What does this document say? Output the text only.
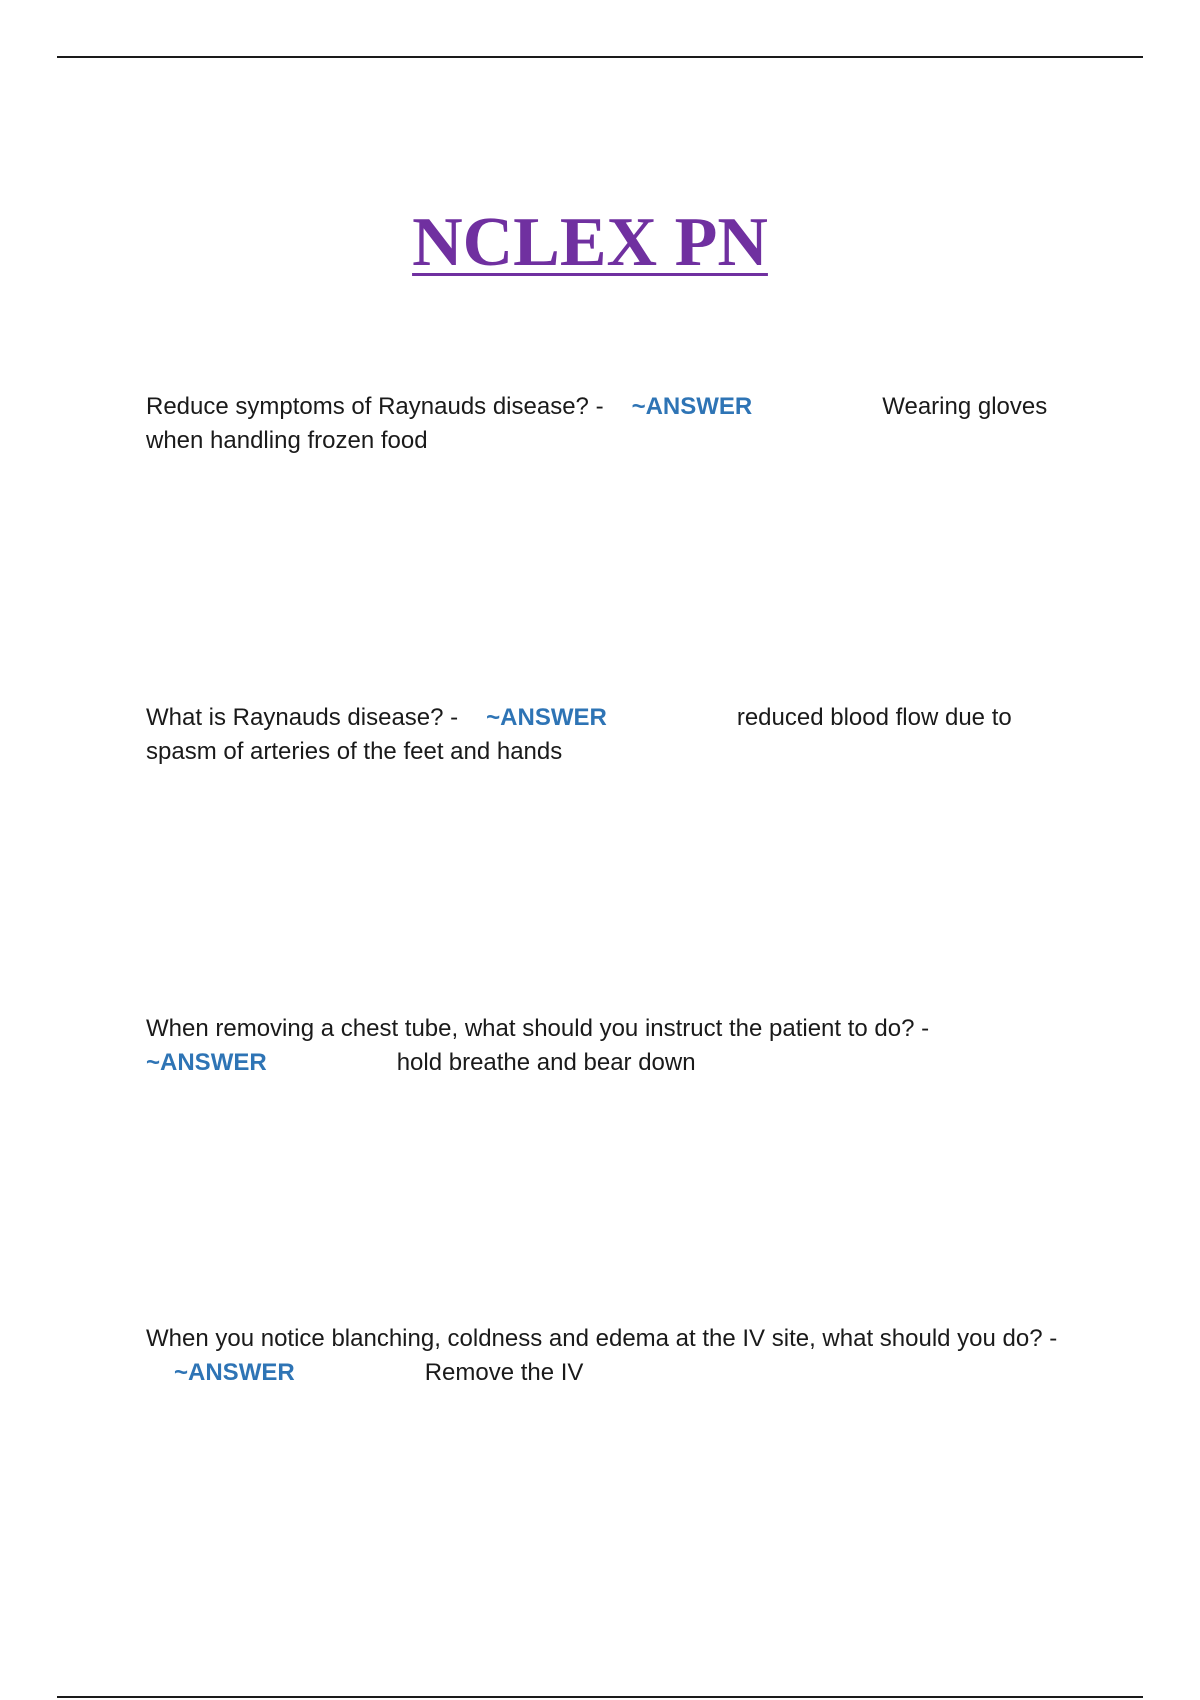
NCLEX PN

Reduce symptoms of Raynauds disease? - ~ANSWER	Wearing gloves when handling frozen food

What is Raynauds disease? - ~ANSWER	reduced blood flow due to spasm of arteries of the feet and hands

When removing a chest tube, what should you instruct the patient to do? -
~ANSWER	hold breathe and bear down

When you notice blanching, coldness and edema at the IV site, what should you do? -~ANSWER	Remove the IV
